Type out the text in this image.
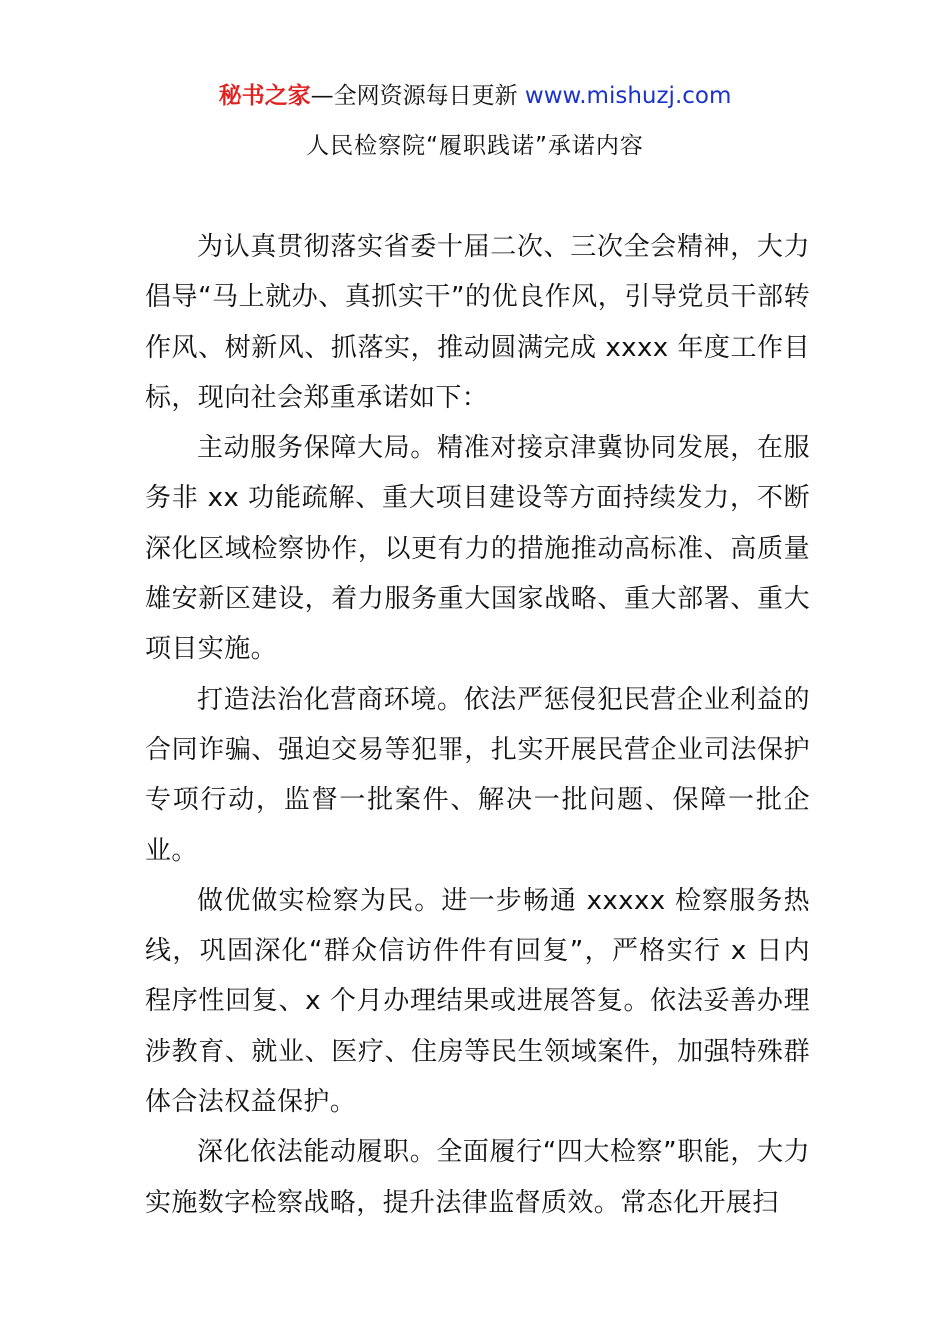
秘书之家—全网资源每日更新 www.mishuzj.com
人民检察院“履职践诺”承诺内容

为认真贯彻落实省委十届二次、三次全会精神，大力倡导“马上就办、真抓实干”的优良作风，引导党员干部转作风、树新风、抓落实，推动圆满完成 xxxx 年度工作目标，现向社会郑重承诺如下：

主动服务保障大局。精准对接京津冀协同发展，在服务非 xx 功能疏解、重大项目建设等方面持续发力，不断深化区域检察协作，以更有力的措施推动高标准、高质量雄安新区建设，着力服务重大国家战略、重大部署、重大项目实施。

打造法治化营商环境。依法严惩侵犯民营企业利益的合同诈骗、强迫交易等犯罪，扎实开展民营企业司法保护专项行动，监督一批案件、解决一批问题、保障一批企业。

做优做实检察为民。进一步畅通 xxxxx 检察服务热线，巩固深化“群众信访件件有回复”，严格实行 x 日内程序性回复、x 个月办理结果或进展答复。依法妥善办理涉教育、就业、医疗、住房等民生领域案件，加强特殊群体合法权益保护。

深化依法能动履职。全面履行“四大检察”职能，大力实施数字检察战略，提升法律监督质效。常态化开展扫
